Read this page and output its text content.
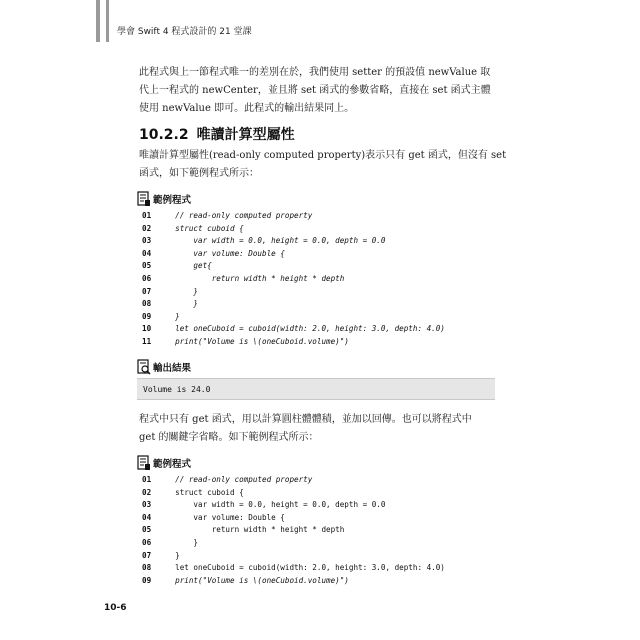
學會 Swift 4 程式設計的 21 堂課

此程式與上一節程式唯一的差別在於，我們使用 setter 的預設值 newValue 取
代上一程式的 newCenter，並且將 set 函式的參數省略，直接在 set 函式主體
使用 newValue 即可。此程式的輸出結果同上。

10.2.2 唯讀計算型屬性

唯讀計算型屬性(read-only computed property)表示只有 get 函式，但沒有 set
函式，如下範例程式所示：

範例程式
01	// read-only computed property
02	struct cuboid {
03	var width = 0.0, height = 0.0, depth = 0.0
04	var volume: Double {
05	get{
06	return width * height * depth
07	}
08	}
09	}
10	let oneCuboid = cuboid(width: 2.0, height: 3.0, depth: 4.0)
11	print("Volume is \(oneCuboid.volume)")
輸出結果
Volume is 24.0

程式中只有 get 函式，用以計算圓柱體體積，並加以回傳。也可以將程式中
get 的關鍵字省略。如下範例程式所示：

範例程式
01	// read-only computed property
02	struct cuboid {
03	var width = 0.0, height = 0.0, depth = 0.0
04	var volume: Double {
05	return width * height * depth
06	}
07	}
08	let oneCuboid = cuboid(width: 2.0, height: 3.0, depth: 4.0)
09	print("Volume is \(oneCuboid.volume)")
10-6
